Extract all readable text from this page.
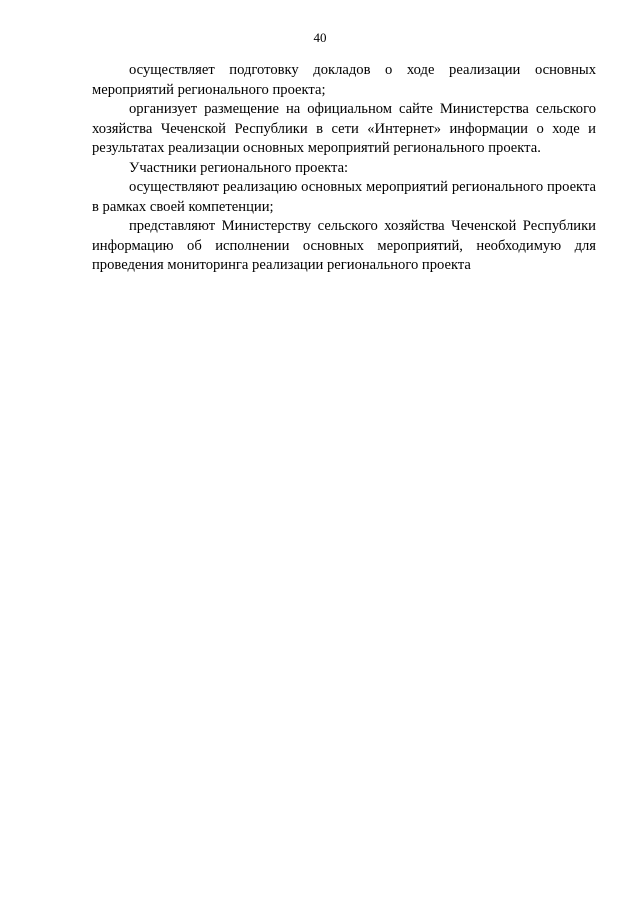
40

осуществляет подготовку докладов о ходе реализации основных мероприятий регионального проекта;

организует размещение на официальном сайте Министерства сельского хозяйства Чеченской Республики в сети «Интернет» информации о ходе и результатах реализации основных мероприятий регионального проекта.

Участники регионального проекта:

осуществляют реализацию основных мероприятий регионального проекта в рамках своей компетенции;

представляют Министерству сельского хозяйства Чеченской Республики информацию об исполнении основных мероприятий, необходимую для проведения мониторинга реализации регионального проекта
